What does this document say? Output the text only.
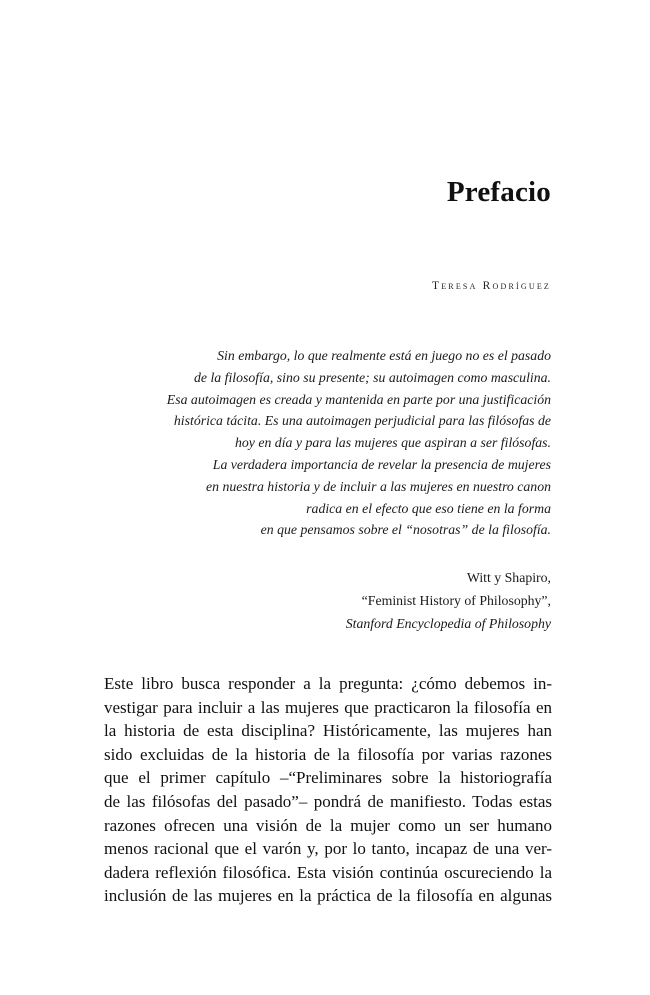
Prefacio
Teresa Rodríguez
Sin embargo, lo que realmente está en juego no es el pasado
de la filosofía, sino su presente; su autoimagen como masculina.
Esa autoimagen es creada y mantenida en parte por una justificación
histórica tácita. Es una autoimagen perjudicial para las filósofas de
hoy en día y para las mujeres que aspiran a ser filósofas.
La verdadera importancia de revelar la presencia de mujeres
en nuestra historia y de incluir a las mujeres en nuestro canon
radica en el efecto que eso tiene en la forma
en que pensamos sobre el “nosotras” de la filosofía.
Witt y Shapiro,
“Feminist History of Philosophy”,
Stanford Encyclopedia of Philosophy
Este libro busca responder a la pregunta: ¿cómo debemos in-
vestigar para incluir a las mujeres que practicaron la filosofía en
la historia de esta disciplina? Históricamente, las mujeres han
sido excluidas de la historia de la filosofía por varias razones
que el primer capítulo –“Preliminares sobre la historiografía
de las filósofas del pasado”– pondrá de manifiesto. Todas estas
razones ofrecen una visión de la mujer como un ser humano
menos racional que el varón y, por lo tanto, incapaz de una ver-
dadera reflexión filosófica. Esta visión continúa oscureciendo la
inclusión de las mujeres en la práctica de la filosofía en algunas
